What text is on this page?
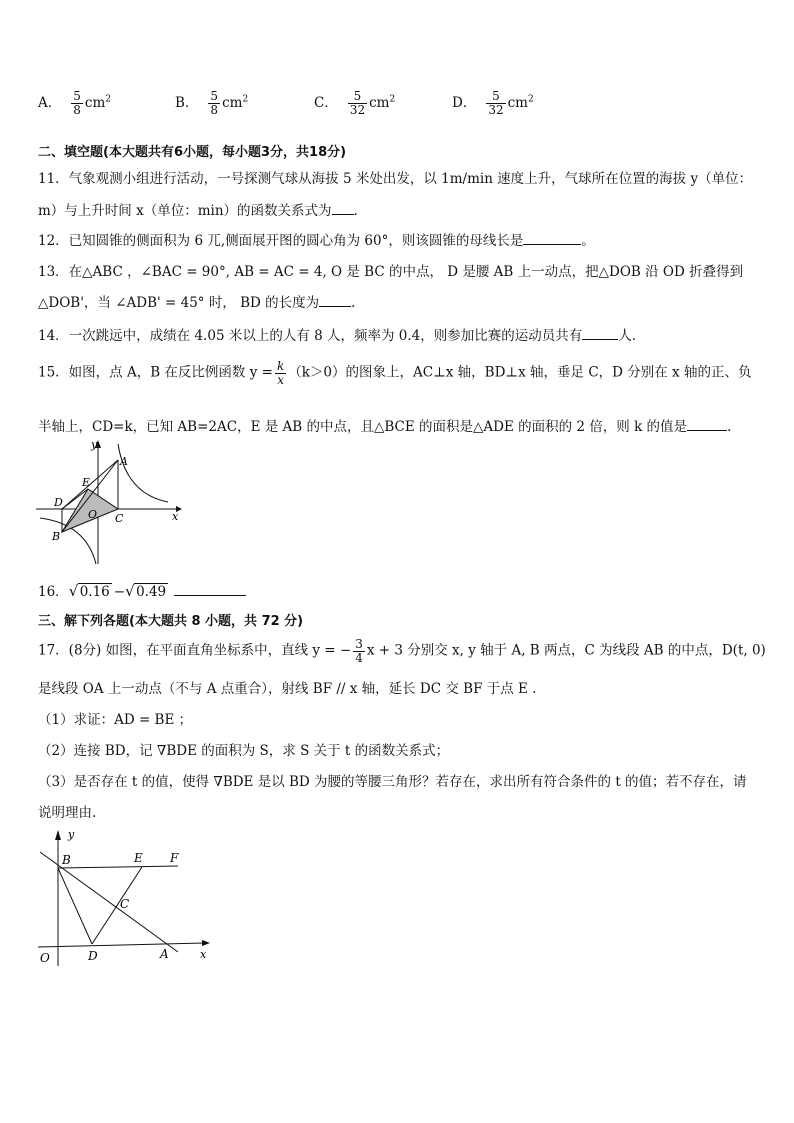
A． $\frac{5}{8} cm^2$	B． $\frac{5}{8} cm^2$	C． $\frac{5}{32} cm^2$	D． $\frac{5}{32} cm^2$
二、填空题(本大题共有6小题，每小题3分，共18分)
11．气象观测小组进行活动，一号探测气球从海拔 5 米处出发，以 1m/min 速度上升，气球所在位置的海拔 y（单位：
m）与上升时间 x（单位：min）的函数关系式为 .
12．已知圆锥的侧面积为 6 兀,侧面展开图的圆心角为 60°，则该圆锥的母线长是	。
13．在△ABC ，∠BAC = 90°, AB = AC = 4, O 是 BC 的中点， D 是腰 AB 上一动点，把△DOB 沿 OD 折叠得到
△DOB'，当 ∠ADB' = 45° 时， BD 的长度为 .
14．一次跳远中，成绩在 4.05 米以上的人有 8 人，频率为 0.4，则参加比赛的运动员共有	人.
15．如图，点 A，B 在反比例函数 $y = \frac{k}{x} (k>0)$的图象上，AC⊥x 轴，BD⊥x 轴，垂足 C，D 分别在 x 轴的正、负
半轴上，CD=k，已知 AB=2AC，E 是 AB 的中点，且△BCE 的面积是△ADE 的面积的 2 倍，则 k 的值是	.
y
x
A
E
D
O C
B
16． √ 0.16 − √ 0.49
三、解下列各题(本大题共 8 小题，共 72 分)
17．(8分) 如图，在平面直角坐标系中，直线 y = − $\frac{3}{4}$ x + 3 分别交 x, y 轴于 A, B 两点，C 为线段 AB 的中点，D(t, 0)
是线段 OA 上一动点（不与 A 点重合），射线 BF // x 轴，延长 DC 交 BF 于点 E .
（1）求证：AD = BE ；
（2）连接 BD，记 ∇BDE 的面积为 S，求 S 关于 t 的函数关系式；
（3）是否存在 t 的值，使得 ∇BDE 是以 BD 为腰的等腰三角形？若存在，求出所有符合条件的 t 的值；若不存在，请
说明理由.
y
B	E F
C
O	D	A	x
